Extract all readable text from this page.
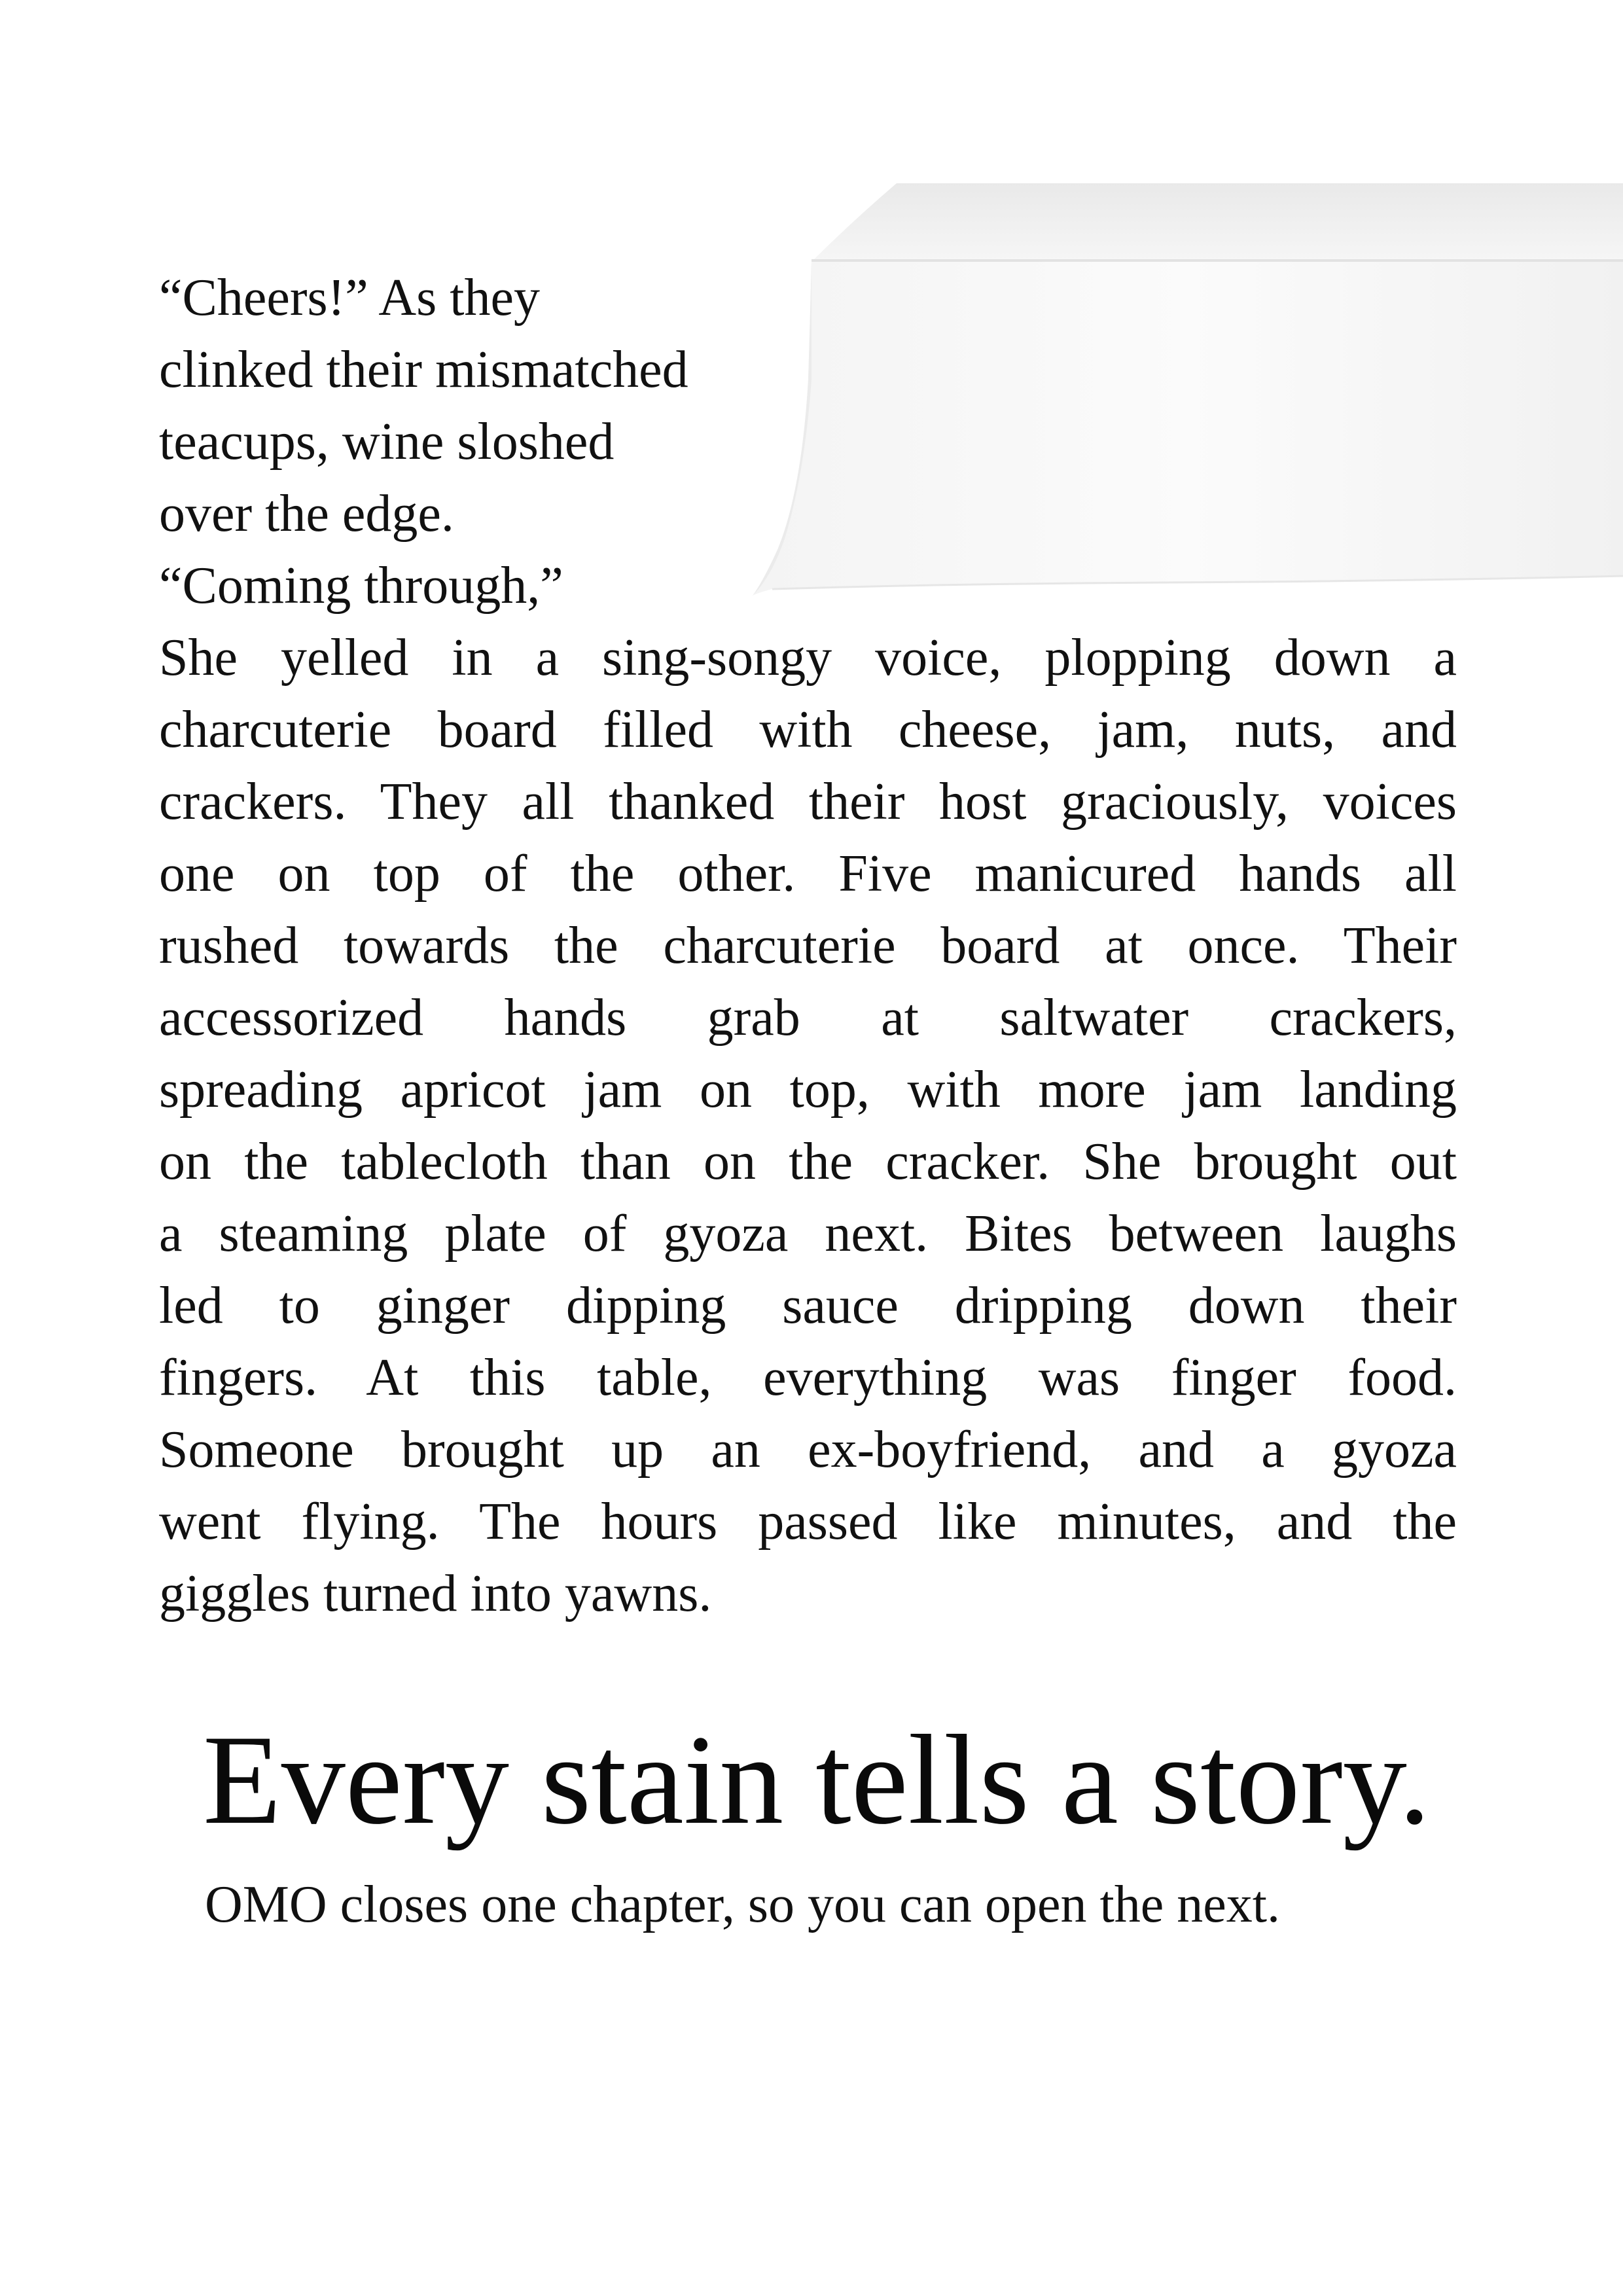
“Cheers!” As they
clinked their mismatched
teacups, wine sloshed
over the edge.
“Coming through,”
She yelled in a sing-songy voice, plopping down a
charcuterie board filled with cheese, jam, nuts, and
crackers. They all thanked their host graciously, voices
one on top of the other. Five manicured hands all
rushed towards the charcuterie board at once. Their
accessorized hands grab at saltwater crackers,
spreading apricot jam on top, with more jam landing
on the tablecloth than on the cracker. She brought out
a steaming plate of gyoza next. Bites between laughs
led to ginger dipping sauce dripping down their
fingers. At this table, everything was finger food.
Someone brought up an ex-boyfriend, and a gyoza
went flying. The hours passed like minutes, and the
giggles turned into yawns.
Every stain tells a story.
OMO closes one chapter, so you can open the next.
